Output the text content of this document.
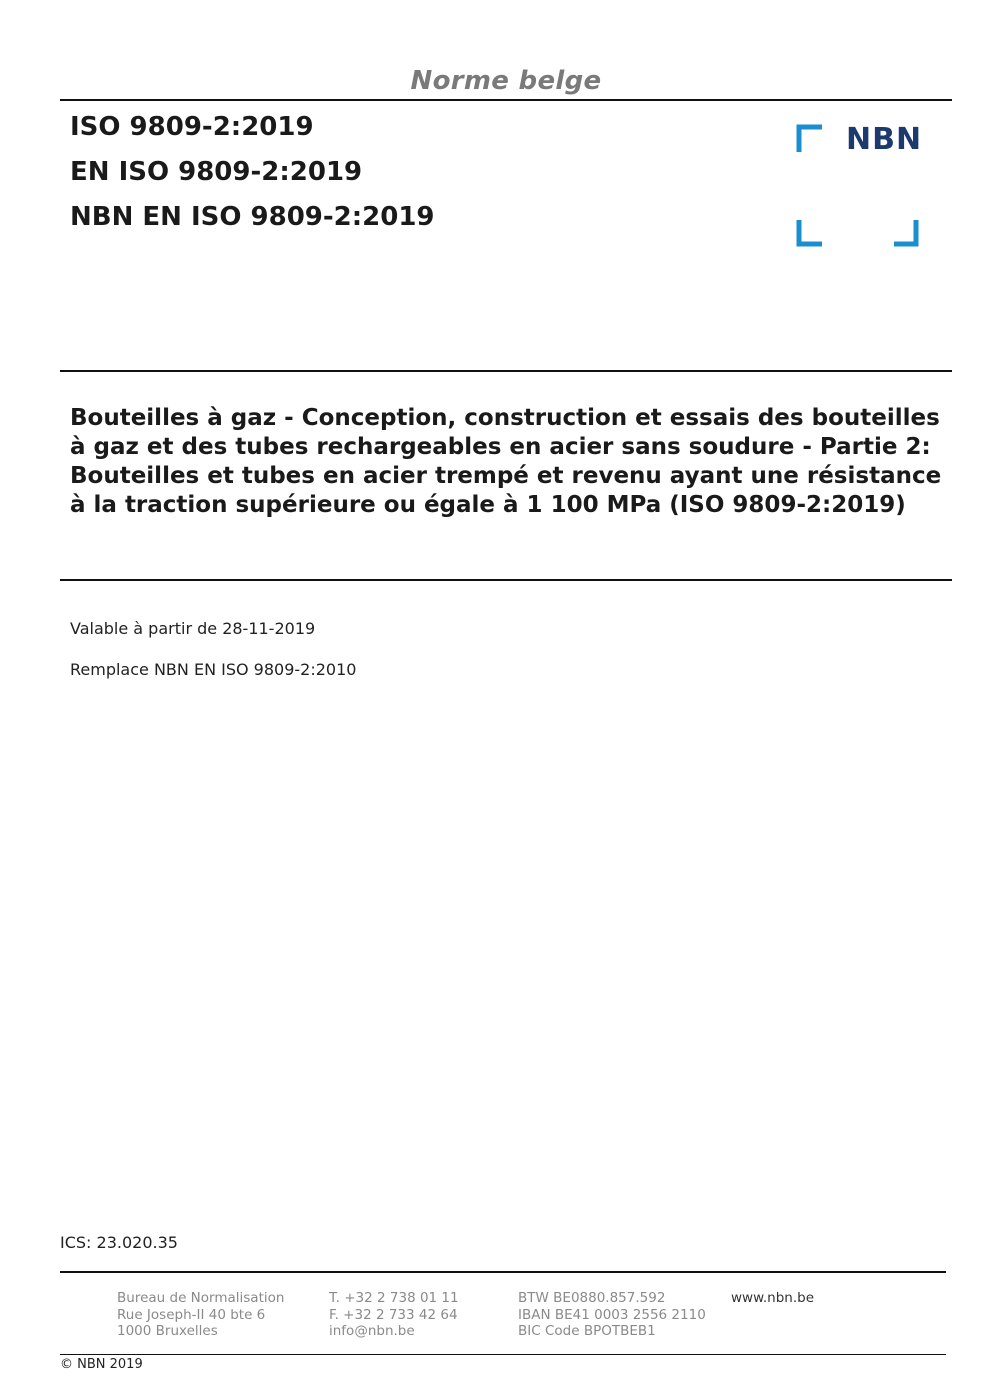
Norme belge
ISO 9809-2:2019
EN ISO 9809-2:2019
NBN EN ISO 9809-2:2019
NBN
Bouteilles à gaz - Conception, construction et essais des bouteilles à gaz et des tubes rechargeables en acier sans soudure - Partie 2: Bouteilles et tubes en acier trempé et revenu ayant une résistance à la traction supérieure ou égale à 1 100 MPa (ISO 9809-2:2019)
Valable à partir de 28-11-2019
Remplace NBN EN ISO 9809-2:2010
ICS: 23.020.35
Bureau de Normalisation
Rue Joseph-II 40 bte 6
1000 Bruxelles
T. +32 2 738 01 11
F. +32 2 733 42 64
info@nbn.be
BTW BE0880.857.592
IBAN BE41 0003 2556 2110
BIC Code BPOTBEB1
www.nbn.be
© NBN 2019
